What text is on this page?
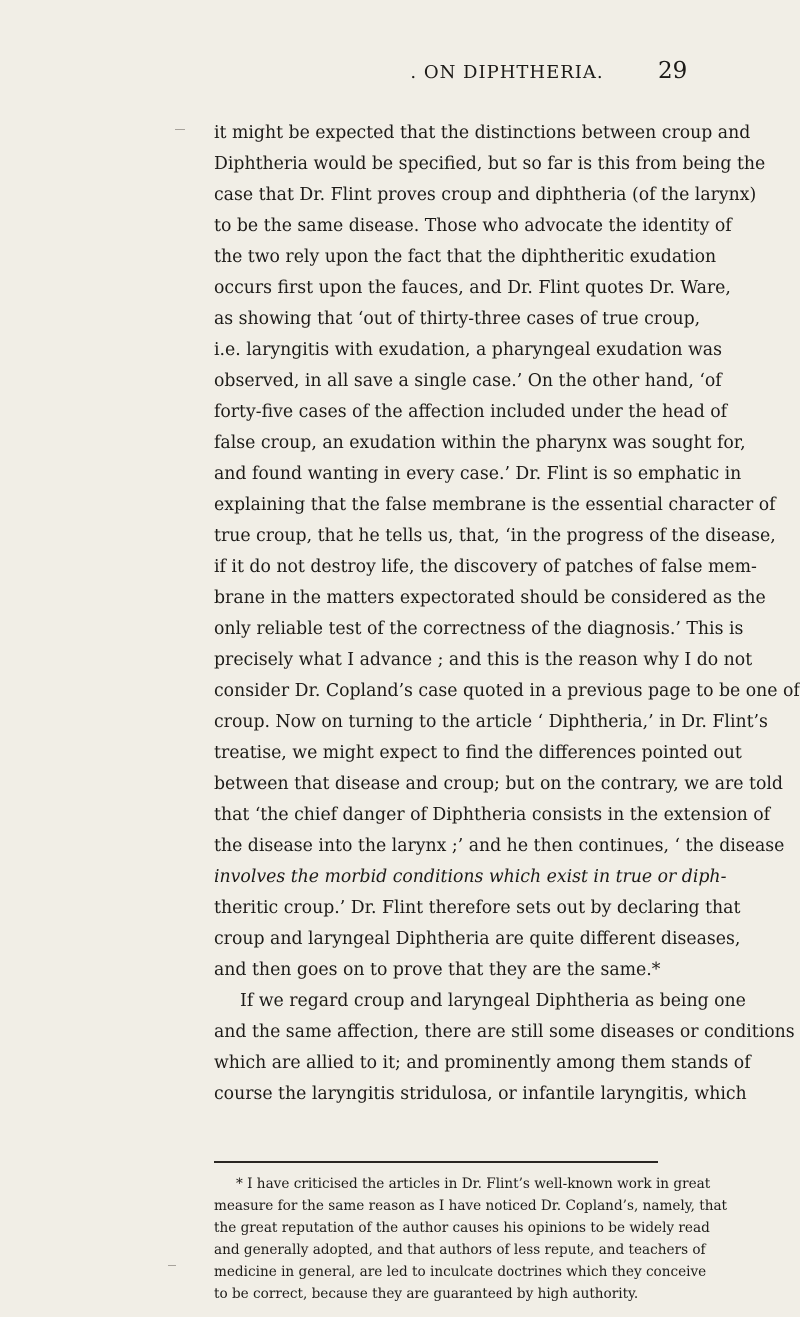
. ON DIPHTHERIA. 29
it might be expected that the distinctions between croup and
Diphtheria would be specified, but so far is this from being the
case that Dr. Flint proves croup and diphtheria (of the larynx)
to be the same disease. Those who advocate the identity of
the two rely upon the fact that the diphtheritic exudation
occurs first upon the fauces, and Dr. Flint quotes Dr. Ware,
as showing that ‘out of thirty-three cases of true croup,
i.e. laryngitis with exudation, a pharyngeal exudation was
observed, in all save a single case.’ On the other hand, ‘of
forty-five cases of the affection included under the head of
false croup, an exudation within the pharynx was sought for,
and found wanting in every case.’ Dr. Flint is so emphatic in
explaining that the false membrane is the essential character of
true croup, that he tells us, that, ‘in the progress of the disease,
if it do not destroy life, the discovery of patches of false mem-
brane in the matters expectorated should be considered as the
only reliable test of the correctness of the diagnosis.’ This is
precisely what I advance ; and this is the reason why I do not
consider Dr. Copland’s case quoted in a previous page to be one of
croup. Now on turning to the article ‘ Diphtheria,’ in Dr. Flint’s
treatise, we might expect to find the differences pointed out
between that disease and croup; but on the contrary, we are told
that ‘the chief danger of Diphtheria consists in the extension of
the disease into the larynx ;’ and he then continues, ‘ the disease
involves the morbid conditions which exist in true or diph-
theritic croup.’ Dr. Flint therefore sets out by declaring that
croup and laryngeal Diphtheria are quite different diseases,
and then goes on to prove that they are the same.*
If we regard croup and laryngeal Diphtheria as being one
and the same affection, there are still some diseases or conditions
which are allied to it; and prominently among them stands of
course the laryngitis stridulosa, or infantile laryngitis, which
* I have criticised the articles in Dr. Flint’s well-known work in great
measure for the same reason as I have noticed Dr. Copland’s, namely, that
the great reputation of the author causes his opinions to be widely read
and generally adopted, and that authors of less repute, and teachers of
medicine in general, are led to inculcate doctrines which they conceive
to be correct, because they are guaranteed by high authority.
